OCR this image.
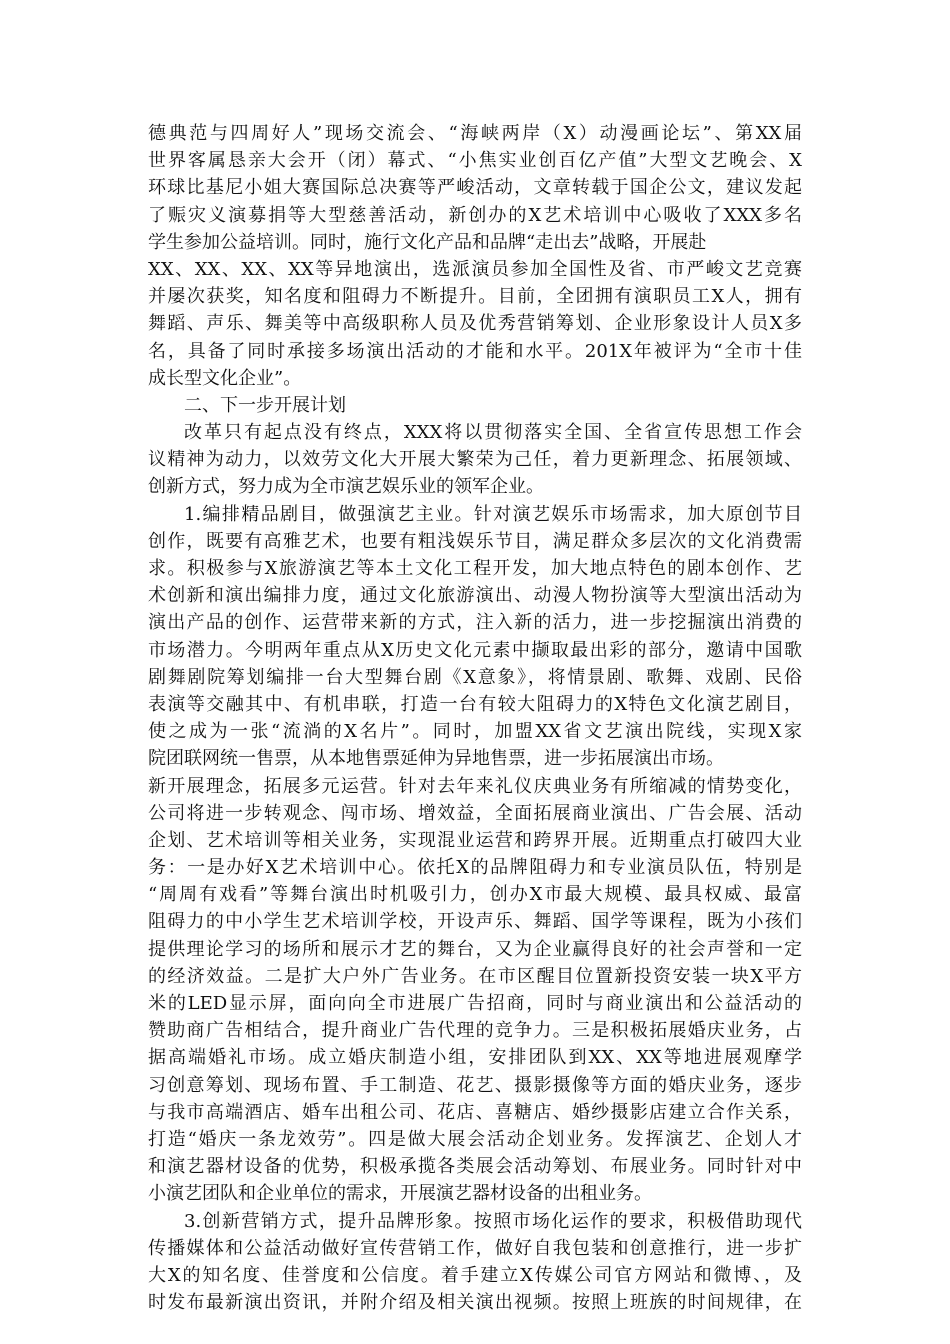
德典范与四周好人”现场交流会、“海峡两岸（X）动漫画论坛”、第XX届
世界客属恳亲大会开（闭）幕式、“小焦实业创百亿产值”大型文艺晚会、X
环球比基尼小姐大赛国际总决赛等严峻活动，文章转载于国企公文，建议发起
了赈灾义演募捐等大型慈善活动，新创办的X艺术培训中心吸收了XXX多名
学生参加公益培训。同时，施行文化产品和品牌“走出去”战略，开展赴
XX、XX、XX、XX等异地演出，选派演员参加全国性及省、市严峻文艺竞赛
并屡次获奖，知名度和阻碍力不断提升。目前，全团拥有演职员工X人，拥有
舞蹈、声乐、舞美等中高级职称人员及优秀营销筹划、企业形象设计人员X多
名，具备了同时承接多场演出活动的才能和水平。201X年被评为“全市十佳
成长型文化企业”。
二、下一步开展计划
改革只有起点没有终点，XXX将以贯彻落实全国、全省宣传思想工作会
议精神为动力，以效劳文化大开展大繁荣为己任，着力更新理念、拓展领域、
创新方式，努力成为全市演艺娱乐业的领军企业。
1.编排精品剧目，做强演艺主业。针对演艺娱乐市场需求，加大原创节目
创作，既要有高雅艺术，也要有粗浅娱乐节目，满足群众多层次的文化消费需
求。积极参与X旅游演艺等本土文化工程开发，加大地点特色的剧本创作、艺
术创新和演出编排力度，通过文化旅游演出、动漫人物扮演等大型演出活动为
演出产品的创作、运营带来新的方式，注入新的活力，进一步挖掘演出消费的
市场潜力。今明两年重点从X历史文化元素中撷取最出彩的部分，邀请中国歌
剧舞剧院筹划编排一台大型舞台剧《X意象》，将情景剧、歌舞、戏剧、民俗
表演等交融其中、有机串联，打造一台有较大阻碍力的X特色文化演艺剧目，
使之成为一张“流淌的X名片”。同时，加盟XX省文艺演出院线，实现X家
院团联网统一售票，从本地售票延伸为异地售票，进一步拓展演出市场。
新开展理念，拓展多元运营。针对去年来礼仪庆典业务有所缩减的情势变化，
公司将进一步转观念、闯市场、增效益，全面拓展商业演出、广告会展、活动
企划、艺术培训等相关业务，实现混业运营和跨界开展。近期重点打破四大业
务：一是办好X艺术培训中心。依托X的品牌阻碍力和专业演员队伍，特别是
“周周有戏看”等舞台演出时机吸引力，创办X市最大规模、最具权威、最富
阻碍力的中小学生艺术培训学校，开设声乐、舞蹈、国学等课程，既为小孩们
提供理论学习的场所和展示才艺的舞台，又为企业赢得良好的社会声誉和一定
的经济效益。二是扩大户外广告业务。在市区醒目位置新投资安装一块X平方
米的LED显示屏，面向向全市进展广告招商，同时与商业演出和公益活动的
赞助商广告相结合，提升商业广告代理的竞争力。三是积极拓展婚庆业务，占
据高端婚礼市场。成立婚庆制造小组，安排团队到XX、XX等地进展观摩学
习创意筹划、现场布置、手工制造、花艺、摄影摄像等方面的婚庆业务，逐步
与我市高端酒店、婚车出租公司、花店、喜糖店、婚纱摄影店建立合作关系，
打造“婚庆一条龙效劳”。四是做大展会活动企划业务。发挥演艺、企划人才
和演艺器材设备的优势，积极承揽各类展会活动筹划、布展业务。同时针对中
小演艺团队和企业单位的需求，开展演艺器材设备的出租业务。
3.创新营销方式，提升品牌形象。按照市场化运作的要求，积极借助现代
传播媒体和公益活动做好宣传营销工作，做好自我包装和创意推行，进一步扩
大X的知名度、佳誉度和公信度。着手建立X传媒公司官方网站和微博、，及
时发布最新演出资讯，并附介绍及相关演出视频。按照上班族的时间规律，在
